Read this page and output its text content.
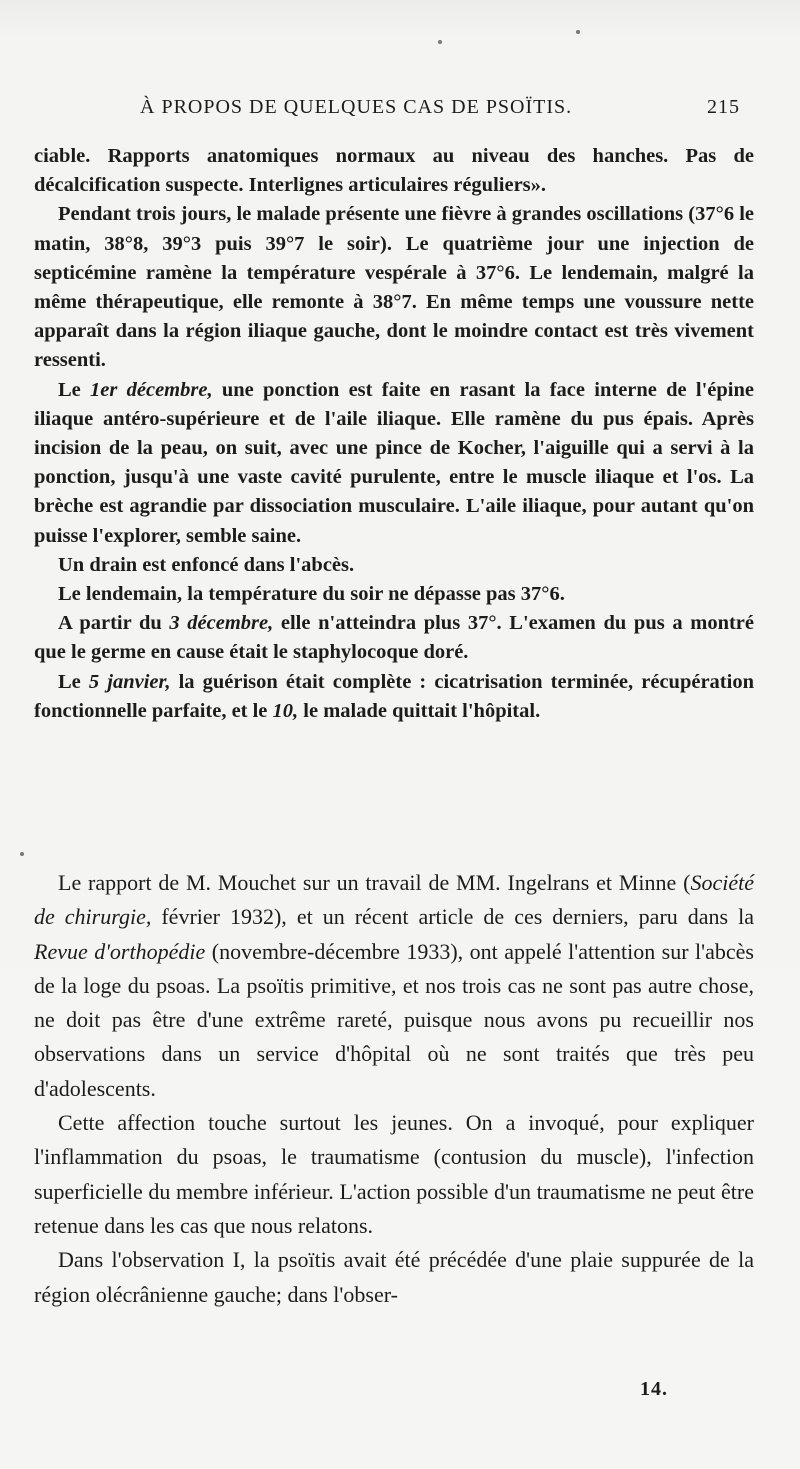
À PROPOS DE QUELQUES CAS DE PSOÏTIS.	215

ciable. Rapports anatomiques normaux au niveau des hanches. Pas de décalcification suspecte. Interlignes articulaires réguliers».

Pendant trois jours, le malade présente une fièvre à grandes oscillations (37°6 le matin, 38°8, 39°3 puis 39°7 le soir). Le quatrième jour une injection de septicémine ramène la température vespérale à 37°6. Le lendemain, malgré la même thérapeutique, elle remonte à 38°7. En même temps une voussure nette apparaît dans la région iliaque gauche, dont le moindre contact est très vivement ressenti.

Le 1er décembre, une ponction est faite en rasant la face interne de l'épine iliaque antéro-supérieure et de l'aile iliaque. Elle ramène du pus épais. Après incision de la peau, on suit, avec une pince de Kocher, l'aiguille qui a servi à la ponction, jusqu'à une vaste cavité purulente, entre le muscle iliaque et l'os. La brèche est agrandie par dissociation musculaire. L'aile iliaque, pour autant qu'on puisse l'explorer, semble saine.

Un drain est enfoncé dans l'abcès.

Le lendemain, la température du soir ne dépasse pas 37°6.

A partir du 3 décembre, elle n'atteindra plus 37°. L'examen du pus a montré que le germe en cause était le staphylocoque doré.

Le 5 janvier, la guérison était complète : cicatrisation terminée, récupération fonctionnelle parfaite, et le 10, le malade quittait l'hôpital.

Le rapport de M. Mouchet sur un travail de MM. Ingelrans et Minne (Société de chirurgie, février 1932), et un récent article de ces derniers, paru dans la Revue d'orthopédie (novembre-décembre 1933), ont appelé l'attention sur l'abcès de la loge du psoas. La psoïtis primitive, et nos trois cas ne sont pas autre chose, ne doit pas être d'une extrême rareté, puisque nous avons pu recueillir nos observations dans un service d'hôpital où ne sont traités que très peu d'adolescents.

Cette affection touche surtout les jeunes. On a invoqué, pour expliquer l'inflammation du psoas, le traumatisme (contusion du muscle), l'infection superficielle du membre inférieur. L'action possible d'un traumatisme ne peut être retenue dans les cas que nous relatons.

Dans l'observation I, la psoïtis avait été précédée d'une plaie suppurée de la région olécrânienne gauche; dans l'obser-

14.
